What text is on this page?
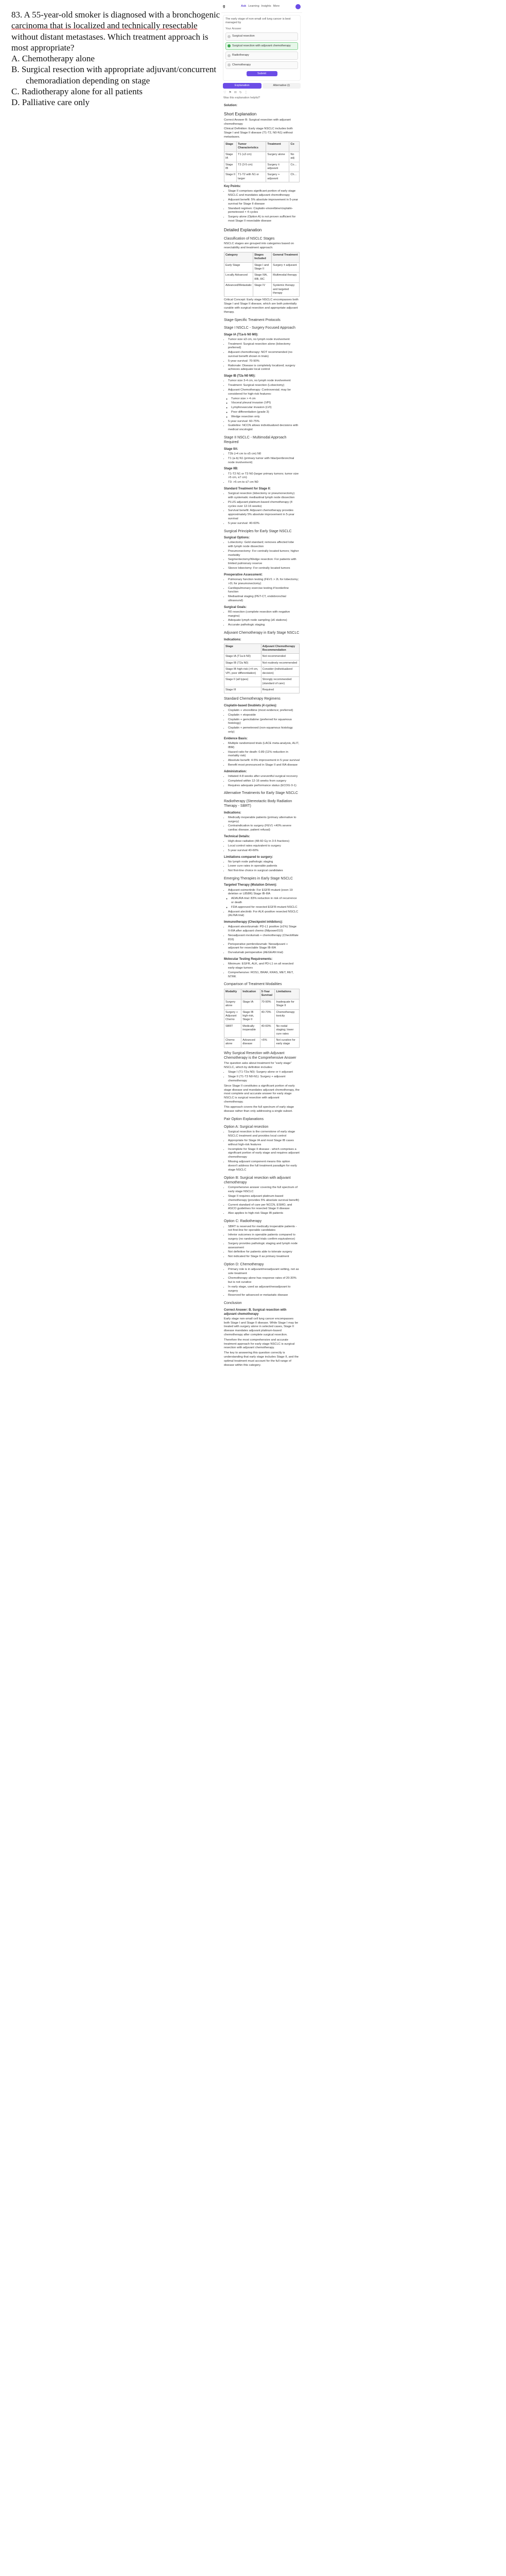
83. A 55-year-old smoker is diagnosed with a bronchogenic
carcinoma that is localized and technically resectable
without distant metastases. Which treatment approach is
most appropriate?
A. Chemotherapy alone
B. Surgical resection with appropriate adjuvant/concurrent
chemoradiation depending on stage
C. Radiotherapy alone for all patients
D. Palliative care only
g	Ask Learning Insights More
The early stage of non-small cell lung cancer is best managed by
Your Answer
Surgical resection
Surgical resection with adjuvant chemotherapy
Radiotherapy
Chemotherapy
Submit
Explanation	Alternative (i)
♡ ⚑ ✉ ↻ ⋮
Was this explanation helpful?

Solution:

Short Explanation

Correct Answer B: Surgical resection with adjuvant chemotherapy

Clinical Definition: Early stage NSCLC includes both Stage I and Stage II disease (T1-T2, N0-N1) without metastases.

Stage	Tumor Characteristics	Treatment	Co
Stage IA	T1 (≤3 cm)	Surgery alone	No adj
Stage IB	T2 (3-5 cm)	Surgery ± adjuvant	Co...
Stage II	T1-T2 with N1 or larger	Surgery + adjuvant	Ch...

Key Points:

• Stage II comprises significant portion of early stage NSCLC and mandates adjuvant chemotherapy
• Adjuvant benefit: 5% absolute improvement in 5-year survival for Stage II disease
• Standard regimen: Cisplatin-vinorelbine/cisplatin-pemetrexed × 4 cycles
• Surgery alone (Option A) is not proven sufficient for most Stage II resectable disease
Detailed Explanation
Classification of NSCLC Stages

NSCLC stages are grouped into categories based on resectability and treatment approach:

Category	Stages Included	General Treatment
Early Stage	Stage I and Stage II	Surgery ± adjuvant
Locally Advanced	Stage IIIA, IIIB, IIIC	Multimodal therapy
Advanced/Metastatic	Stage IV	Systemic therapy and targeted therapy

Critical Concept: Early stage NSCLC encompasses both Stage I and Stage II disease, which are both potentially curable with surgical resection and appropriate adjuvant therapy.

Stage-Specific Treatment Protocols
Stage I NSCLC - Surgery Focused Approach

Stage IA (T1a-b N0 M0):

• Tumor size ≤3 cm, no lymph node involvement
• Treatment: Surgical resection alone (lobectomy preferred)
• Adjuvant chemotherapy: NOT recommended (no survival benefit shown in trials)
• 5-year survival: 70-90%
• Rationale: Disease is completely localized; surgery achieves adequate local control

Stage IB (T2a N0 M0):

• Tumor size 3-4 cm, no lymph node involvement
• Treatment: Surgical resection (Lobectomy)
• Adjuvant Chemotherapy: Controversial; may be considered for high-risk features:
◦ Tumor size > 4 cm
◦ Visceral pleural invasion (VPI)
◦ Lymphovascular invasion (LVI)
◦ Poor differentiation (grade 3)
◦ Wedge resection only
• 5-year survival: 60-75%
• Guideline: NCCN allows individualized decisions with medical oncologist
Stage II NSCLC - Multimodal Approach Required

Stage IIA:

• T2b (>4 cm to ≤5 cm) N0
• T1 (a-b) N1 (primary tumor with hilar/peribronchial node involvement)

Stage IIB:

• T1-T2 N1 or T3 N0 (larger primary tumors; tumor size >5 cm, ≤7 cm)
• T3: >5 cm to ≤7 cm N0

Standard Treatment for Stage II:

• Surgical resection (lobectomy or pneumonectomy) with systematic mediastinal lymph node dissection
• PLUS adjuvant platinum-based chemotherapy (4 cycles over 12-16 weeks)
• Survival benefit: Adjuvant chemotherapy provides approximately 5% absolute improvement in 5-year survival
• 5-year survival: 40-60%
Surgical Principles for Early Stage NSCLC

Surgical Options:

• Lobectomy: Gold standard; removes affected lobe with lymph node dissection
• Pneumonectomy: For centrally located tumors; higher morbidity
• Segmentectomy/Wedge resection: For patients with limited pulmonary reserve
• Sleeve lobectomy: For centrally located tumors

Preoperative Assessment:

• Pulmonary function testing (FEV1 > 2L for lobectomy; >2L for pneumonectomy)
• Cardiopulmonary exercise testing if borderline function
• Mediastinal staging (PET-CT, endobronchial ultrasound)

Surgical Goals:

• R0 resection (complete resection with negative margins)
• Adequate lymph node sampling (≥6 stations)
• Accurate pathologic staging
Adjuvant Chemotherapy in Early Stage NSCLC

Indications:

Stage	Adjuvant Chemotherapy Recommendation
Stage IA (T1a-b N0)	Not recommended
Stage IB (T2a N0)	Not routinely recommended
Stage IB high-risk (>4 cm, VPI, poor differentiation)	Consider (individualized decision)
Stage II (all types)	Strongly recommended (standard of care)
Stage III	Required
Standard Chemotherapy Regimens

Cisplatin-based Doublets (4 cycles):

• Cisplatin + vinorelbine (most evidence; preferred)
• Cisplatin + etoposide
• Cisplatin + gemcitabine (preferred for squamous histology)
• Cisplatin + pemetrexed (non-squamous histology only)

Evidence Basis:

• Multiple randomized trials (LACE meta-analysis, ALIT, IBM)
• Hazard ratio for death: 0.89 (11% reduction in mortality risk)
• Absolute benefit: 4-5% improvement in 5-year survival
• Benefit most pronounced in Stage II and IIIA disease

Administration:

• Initiated 4-8 weeks after uneventful surgical recovery
• Completed within 12-16 weeks from surgery
• Requires adequate performance status (ECOG 0-1)
Alternative Treatments for Early Stage NSCLC
Radiotherapy (Stereotactic Body Radiation Therapy - SBRT)

Indications:

• Medically inoperable patients (primary alternative to surgery)
• Contraindication to surgery (FEV1 <40% severe cardiac disease, patient refusal)

Technical Details:

• High-dose radiation (48-60 Gy in 3-5 fractions)
• Local control rates equivalent to surgery
• 5-year survival 40-60%

Limitations compared to surgery:

• No lymph node pathologic staging
• Lower cure rates in operable patients
• Not first-line choice in surgical candidates
Emerging Therapies in Early Stage NSCLC

Targeted Therapy (Mutation Driven):

• Adjuvant osimertinib: For EGFR-mutant (exon 19 deletion or L858R) Stage IB-IIIA
◦ ADAURA trial: 83% reduction in risk of recurrence or death
◦ FDA-approved for resected EGFR-mutant NSCLC
• Adjuvant alectinib: For ALK-positive resected NSCLC (ALINA trial)

Immunotherapy (Checkpoint inhibitors):

• Adjuvant atezolizumab: PD-L1 positive (≥1%) Stage II-IIIA after adjuvant chemo (IMpower010)
• Neoadjuvant nivolumab + chemotherapy (CheckMate 816)
• Perioperative pembrolizumab: Neoadjuvant + adjuvant for resectable Stage IB-IIIA
• Durvalumab perioperative (AEGEAN trial)

Molecular Testing Requirements:

• Minimum: EGFR, ALK, and PD-L1 on all resected early-stage tumors
• Comprehensive: ROS1, BRAF, KRAS, MET, RET, NTRK
Comparison of Treatment Modalities
Modality	Indication	5-Year Survival	Limitations
Surgery alone	Stage IA	70-90%	Inadequate for Stage II
Surgery + Adjuvant Chemo	Stage IB high-risk, Stage II	40-70%	Chemotherapy toxicity
SBRT	Medically inoperable	40-60%	No nodal staging; lower cure rates
Chemo alone	Advanced disease	<5%	Not curative for early stage
Why Surgical Resection with Adjuvant Chemotherapy is the Comprehensive Answer

The question asks about treatment for “early stage” NSCLC, which by definition includes:

• Stage I (T1-T2a N0): Surgery alone or ± adjuvant
• Stage II (T1-T3 N0-N1): Surgery + adjuvant chemotherapy

Since Stage II constitutes a significant portion of early stage disease and mandates adjuvant chemotherapy, the most complete and accurate answer for early stage NSCLC is surgical resection with adjuvant chemotherapy.

This approach covers the full spectrum of early stage disease rather than only addressing a single subset.

Pair Option Explanations
Option A: Surgical resection
• Surgical resection is the cornerstone of early stage NSCLC treatment and provides local control
• Appropriate for Stage IA and most Stage IB cases without high-risk features
• Incomplete for Stage II disease - which comprises a significant portion of early stage and requires adjuvant chemotherapy
• Missing adjuvant component means this option doesn't address the full treatment paradigm for early stage NSCLC
Option B: Surgical resection with adjuvant chemotherapy
• Comprehensive answer covering the full spectrum of early stage NSCLC
• Stage II requires adjuvant platinum-based chemotherapy (provides 5% absolute survival benefit)
• Current standard of care per NCCN, ESMO, and ASCO guidelines for resected Stage II disease
• Also applies to high-risk Stage IB patients
Option C: Radiotherapy
• SBRT is reserved for medically inoperable patients - not first-line for operable candidates
• Inferior outcomes in operable patients compared to surgery (no randomized trials confirm equivalence)
• Surgery provides pathologic staging and lymph node assessment
• Not definitive for patients able to tolerate surgery
• Not indicated for Stage II as primary treatment
Option D: Chemotherapy
• Primary role is in adjuvant/neoadjuvant setting, not as sole treatment
• Chemotherapy alone has response rates of 20-30% but is not curative
• In early stage, used as adjuvant/neoadjuvant to surgery
• Reserved for advanced or metastatic disease
Conclusion

Correct Answer: B. Surgical resection with adjuvant chemotherapy

Early stage non-small cell lung cancer encompasses both Stage I and Stage II disease. While Stage I may be treated with surgery alone in selected cases, Stage II disease mandates adjuvant platinum-based chemotherapy after complete surgical resection.

Therefore the most comprehensive and accurate treatment approach for early stage NSCLC is surgical resection with adjuvant chemotherapy.

The key to answering this question correctly is understanding that early stage includes Stage II, and the optimal treatment must account for the full range of disease within this category.
